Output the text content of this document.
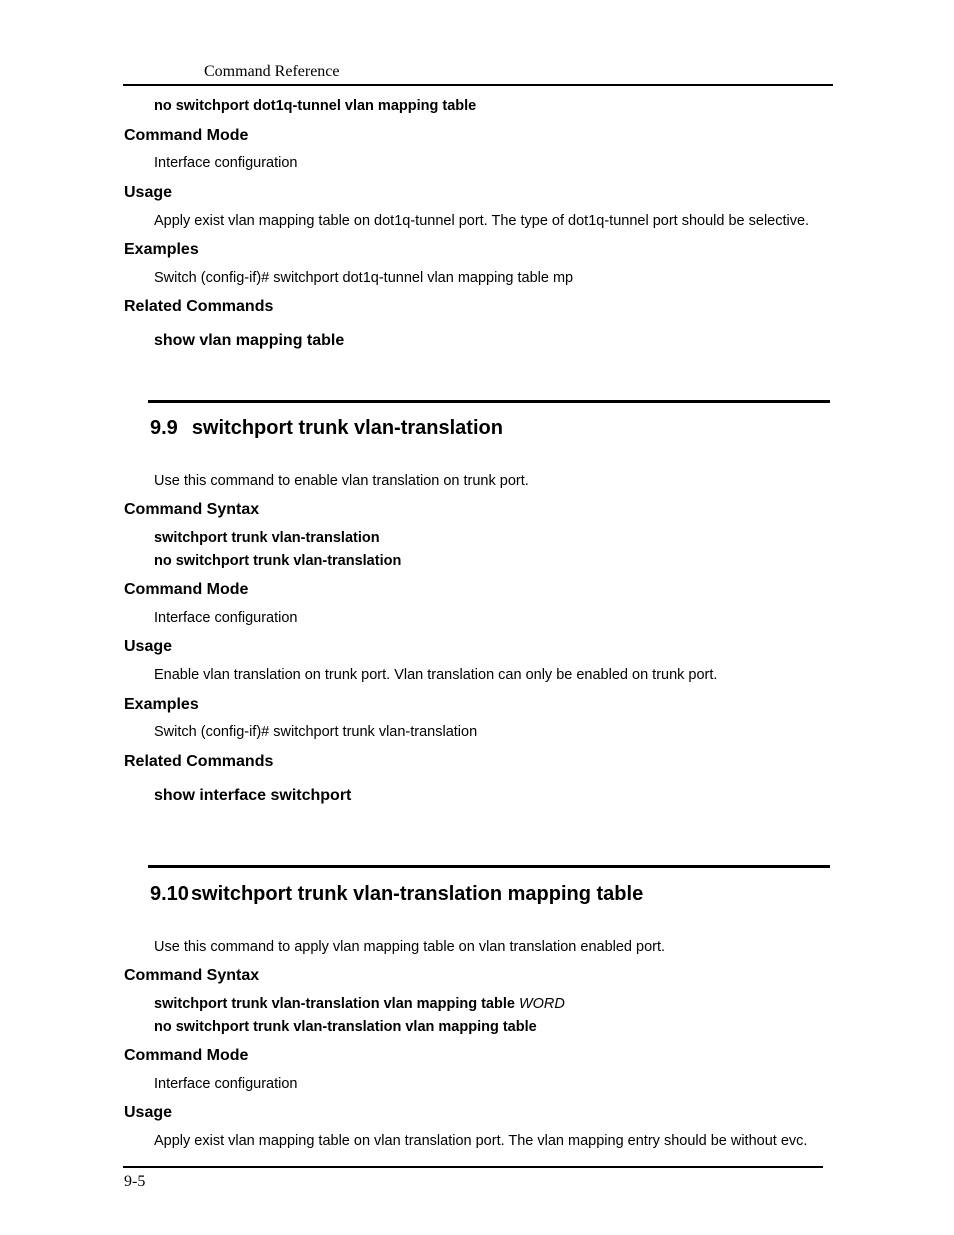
Command Reference
no switchport dot1q-tunnel vlan mapping table
Command Mode
Interface configuration
Usage
Apply exist vlan mapping table on dot1q-tunnel port. The type of dot1q-tunnel port should be selective.
Examples
Switch (config-if)# switchport dot1q-tunnel vlan mapping table mp
Related Commands
show vlan mapping table
9.9 switchport trunk vlan-translation
Use this command to enable vlan translation on trunk port.
Command Syntax
switchport trunk vlan-translation
no switchport trunk vlan-translation
Command Mode
Interface configuration
Usage
Enable vlan translation on trunk port. Vlan translation can only be enabled on trunk port.
Examples
Switch (config-if)# switchport trunk vlan-translation
Related Commands
show interface switchport
9.10 switchport trunk vlan-translation mapping table
Use this command to apply vlan mapping table on vlan translation enabled port.
Command Syntax
switchport trunk vlan-translation vlan mapping table WORD
no switchport trunk vlan-translation vlan mapping table
Command Mode
Interface configuration
Usage
Apply exist vlan mapping table on vlan translation port. The vlan mapping entry should be without evc.
9-5
